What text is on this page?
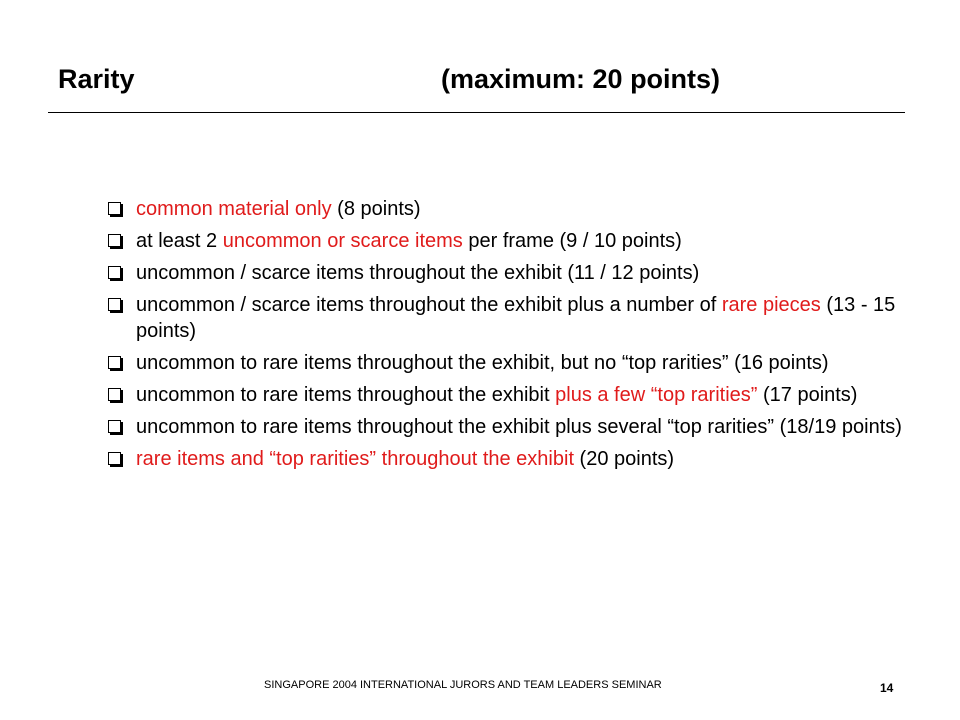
Rarity	(maximum: 20 points)
common material only (8 points)
at least 2 uncommon or scarce items per frame (9 / 10 points)
uncommon / scarce items throughout the exhibit (11 / 12 points)
uncommon / scarce items throughout the exhibit plus a number of rare pieces (13 - 15 points)
uncommon to rare items throughout the exhibit, but no “top rarities” (16 points)
uncommon to rare items throughout the exhibit plus a few “top rarities” (17 points)
uncommon to rare items throughout the exhibit plus several “top rarities” (18/19 points)
rare items and “top rarities” throughout the exhibit (20 points)
SINGAPORE 2004 INTERNATIONAL JURORS AND TEAM LEADERS SEMINAR	14
